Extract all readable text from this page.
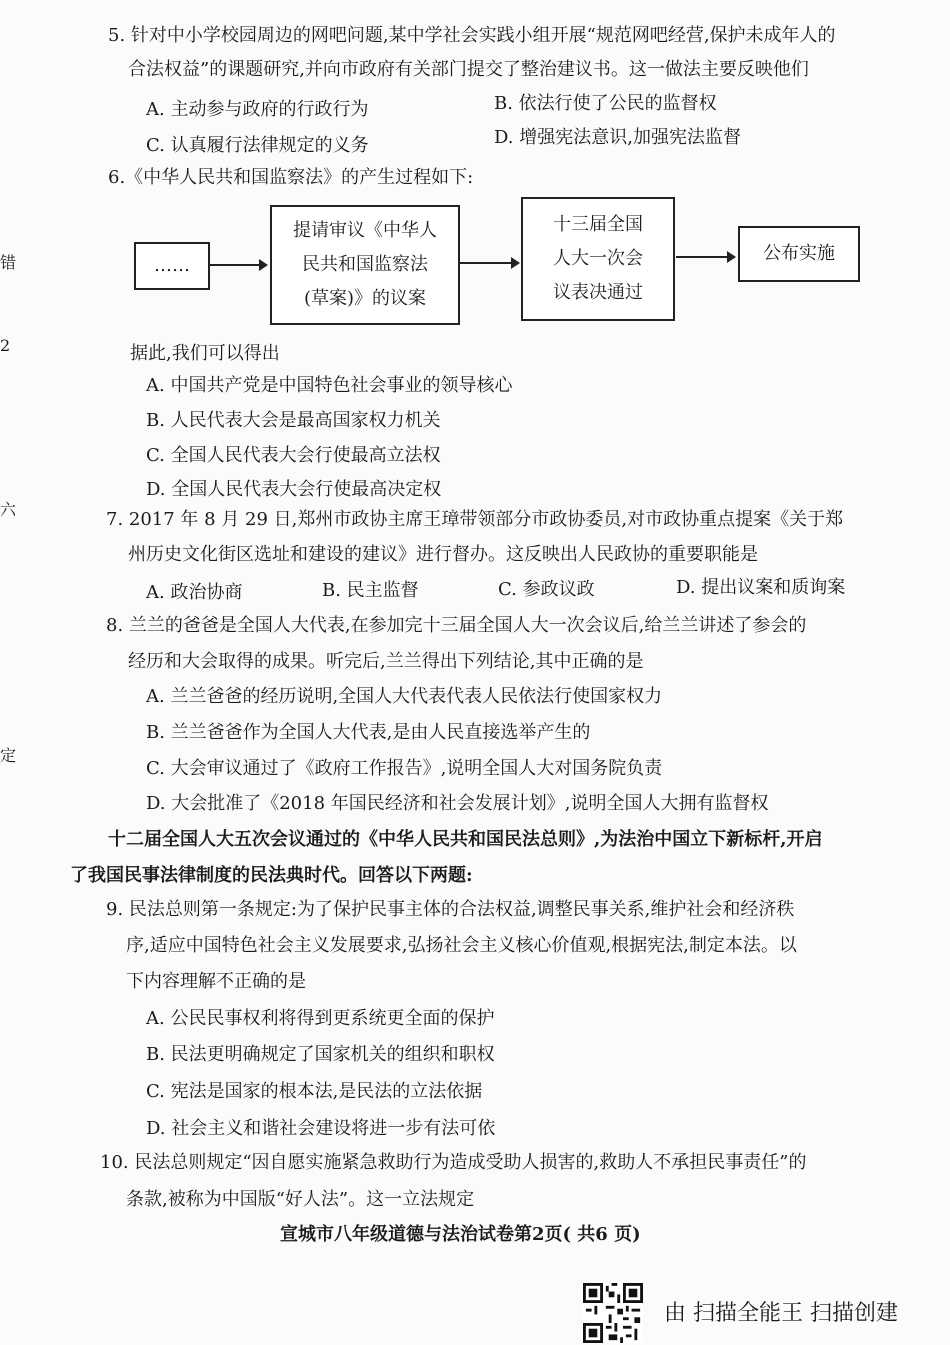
错
2
六
定
5. 针对中小学校园周边的网吧问题,某中学社会实践小组开展“规范网吧经营,保护未成年人的
合法权益”的课题研究,并向市政府有关部门提交了整治建议书。这一做法主要反映他们
A. 主动参与政府的行政行为	B. 依法行使了公民的监督权
C. 认真履行法律规定的义务	D. 增强宪法意识,加强宪法监督
6.《中华人民共和国监察法》的产生过程如下:
……
提请审议《中华人
民共和国监察法
(草案)》的议案
十三届全国
人大一次会
议表决通过
公布实施
据此,我们可以得出
A. 中国共产党是中国特色社会事业的领导核心
B. 人民代表大会是最高国家权力机关
C. 全国人民代表大会行使最高立法权
D. 全国人民代表大会行使最高决定权
7. 2017 年 8 月 29 日,郑州市政协主席王璋带领部分市政协委员,对市政协重点提案《关于郑
州历史文化街区选址和建设的建议》进行督办。这反映出人民政协的重要职能是
A. 政治协商	B. 民主监督	C. 参政议政	D. 提出议案和质询案
8. 兰兰的爸爸是全国人大代表,在参加完十三届全国人大一次会议后,给兰兰讲述了参会的
经历和大会取得的成果。听完后,兰兰得出下列结论,其中正确的是
A. 兰兰爸爸的经历说明,全国人大代表代表人民依法行使国家权力
B. 兰兰爸爸作为全国人大代表,是由人民直接选举产生的
C. 大会审议通过了《政府工作报告》,说明全国人大对国务院负责
D. 大会批准了《2018 年国民经济和社会发展计划》,说明全国人大拥有监督权
十二届全国人大五次会议通过的《中华人民共和国民法总则》,为法治中国立下新标杆,开启
了我国民事法律制度的民法典时代。回答以下两题:
9. 民法总则第一条规定:为了保护民事主体的合法权益,调整民事关系,维护社会和经济秩
序,适应中国特色社会主义发展要求,弘扬社会主义核心价值观,根据宪法,制定本法。以
下内容理解不正确的是
A. 公民民事权利将得到更系统更全面的保护
B. 民法更明确规定了国家机关的组织和职权
C. 宪法是国家的根本法,是民法的立法依据
D. 社会主义和谐社会建设将进一步有法可依
10. 民法总则规定“因自愿实施紧急救助行为造成受助人损害的,救助人不承担民事责任”的
条款,被称为中国版“好人法”。这一立法规定
宣城市八年级道德与法治试卷第2页( 共6 页)
由 扫描全能王 扫描创建
